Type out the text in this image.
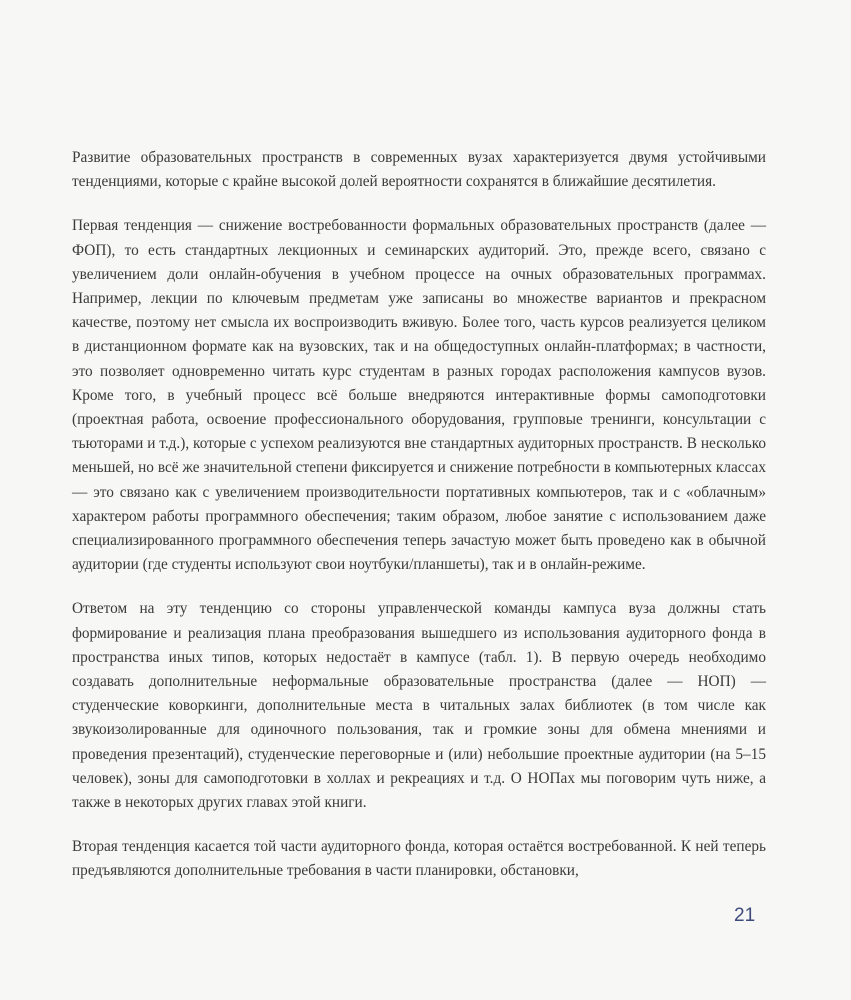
Развитие образовательных пространств в современных вузах характеризуется двумя устойчивыми тенденциями, которые с крайне высокой долей вероятности сохранятся в ближайшие десятилетия.

Первая тенденция — снижение востребованности формальных образовательных пространств (далее — ФОП), то есть стандартных лекционных и семинарских аудиторий. Это, прежде всего, связано с увеличением доли онлайн-обучения в учебном процессе на очных образовательных программах. Например, лекции по ключевым предметам уже записаны во множестве вариантов и прекрасном качестве, поэтому нет смысла их воспроизводить вживую. Более того, часть курсов реализуется целиком в дистанционном формате как на вузовских, так и на общедоступных онлайн-платформах; в частности, это позволяет одновременно читать курс студентам в разных городах расположения кампусов вузов. Кроме того, в учебный процесс всё больше внедряются интерактивные формы самоподготовки (проектная работа, освоение профессионального оборудования, групповые тренинги, консультации с тьюторами и т.д.), которые с успехом реализуются вне стандартных аудиторных пространств. В несколько меньшей, но всё же значительной степени фиксируется и снижение потребности в компьютерных классах — это связано как с увеличением производительности портативных компьютеров, так и с «облачным» характером работы программного обеспечения; таким образом, любое занятие с использованием даже специализированного программного обеспечения теперь зачастую может быть проведено как в обычной аудитории (где студенты используют свои ноутбуки/планшеты), так и в онлайн-режиме.

Ответом на эту тенденцию со стороны управленческой команды кампуса вуза должны стать формирование и реализация плана преобразования вышедшего из использования аудиторного фонда в пространства иных типов, которых недостаёт в кампусе (табл. 1). В первую очередь необходимо создавать дополнительные неформальные образовательные пространства (далее — НОП) — студенческие коворкинги, дополнительные места в читальных залах библиотек (в том числе как звукоизолированные для одиночного пользования, так и громкие зоны для обмена мнениями и проведения презентаций), студенческие переговорные и (или) небольшие проектные аудитории (на 5–15 человек), зоны для самоподготовки в холлах и рекреациях и т.д. О НОПах мы поговорим чуть ниже, а также в некоторых других главах этой книги.

Вторая тенденция касается той части аудиторного фонда, которая остаётся востребованной. К ней теперь предъявляются дополнительные требования в части планировки, обстановки,

21
